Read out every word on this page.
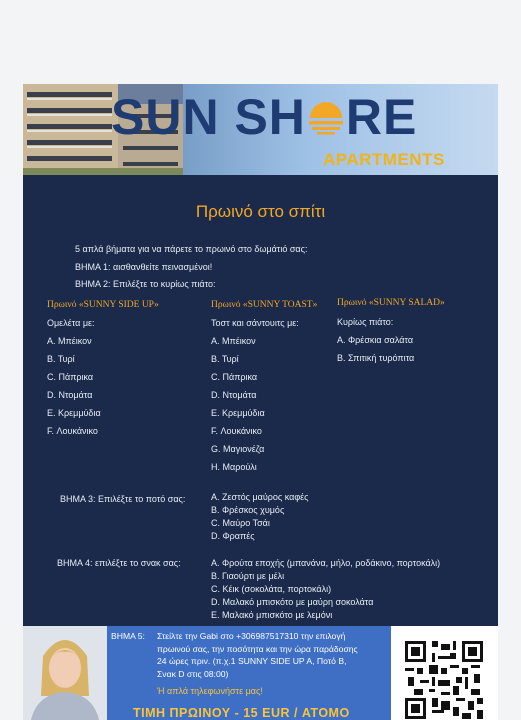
SUN SH RE
APARTMENTS
Πρωινό στο σπίτι
5 απλά βήματα για να πάρετε το πρωινό στο δωμάτιό σας:
ΒΗΜΑ 1: αισθανθείτε πεινασμένοι!
ΒΗΜΑ 2: Επιλέξτε το κυρίως πιάτο:
Πρωινό «SUNNY SIDE UP»
Ομελέτα με:
Α. Μπέικον
Β. Τυρί
C. Πάπρικα
D. Ντομάτα
Ε. Κρεμμύδια
F. Λουκάνικο
Πρωινό «SUNNY TOAST»
Τοστ και σάντουιτς με:
Α. Μπέικον
Β. Τυρί
C. Πάπρικα
D. Ντομάτα
Ε. Κρεμμύδια
F. Λουκάνικο
G. Μαγιονέζα
Η. Μαρούλι
Πρωινό «SUNNY SALAD»
Κυρίως πιάτο:
Α. Φρέσκια σαλάτα
Β. Σπιτική τυρόπιτα
ΒΗΜΑ 3: Επιλέξτε το ποτό σας:	Α. Ζεστός μαύρος καφές
Β. Φρέσκος χυμός
C. Μαύρο Τσάι
D. Φραπές
ΒΗΜΑ 4: επιλέξτε το σνακ σας:	Α. Φρούτα εποχής (μπανάνα, μήλο, ροδάκινο, πορτοκάλι)
Β. Γιαούρτι με μέλι
C. Κέικ (σοκολάτα, πορτοκάλι)
D. Μαλακό μπισκότο με μαύρη σοκολάτα
Ε. Μαλακό μπισκότο με λεμόνι
ΒΗΜΑ 5: Στείλτε την Gabi στο +306987517310 την επιλογή
πρωινού σας, την ποσότητα και την ώρα παράδοσης
24 ώρες πριν. (π.χ.1 SUNNY SIDE UP A, Ποτό Β,
Σνακ D στις 08:00)
Ή απλά τηλεφωνήστε μας!
ΤΙΜΗ ΠΡΩΙΝΟΥ - 15 EUR / ΑΤΟΜΟ
